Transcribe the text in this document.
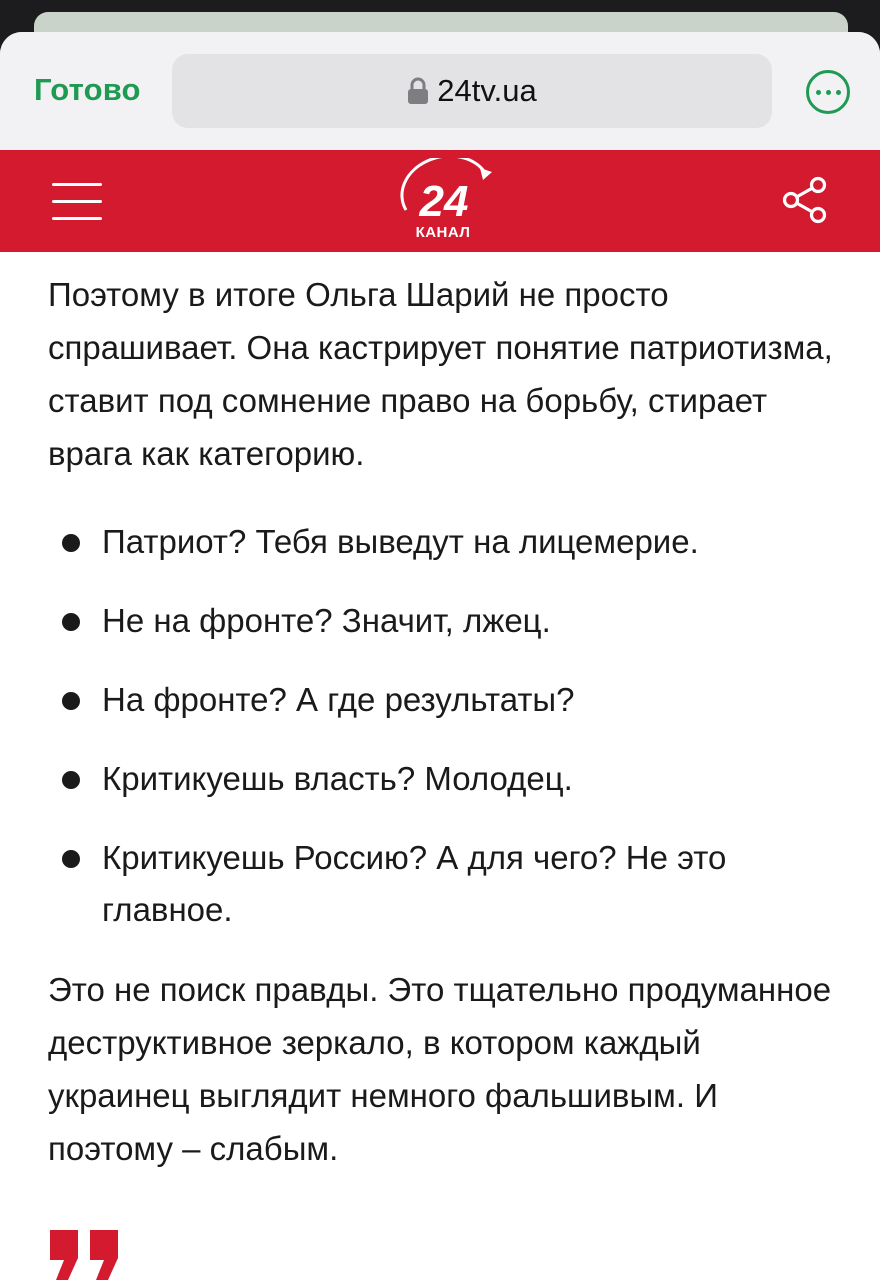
Готово	24tv.ua
24
КАНАЛ

Поэтому в итоге Ольга Шарий не просто спрашивает. Она кастрирует понятие патриотизма, ставит под сомнение право на борьбу, стирает врага как категорию.

Патриот? Тебя выведут на лицемерие.
Не на фронте? Значит, лжец.
На фронте? А где результаты?
Критикуешь власть? Молодец.
Критикуешь Россию? А для чего? Не это главное.

Это не поиск правды. Это тщательно продуманное деструктивное зеркало, в котором каждый украинец выглядит немного фальшивым. И поэтому – слабым.
